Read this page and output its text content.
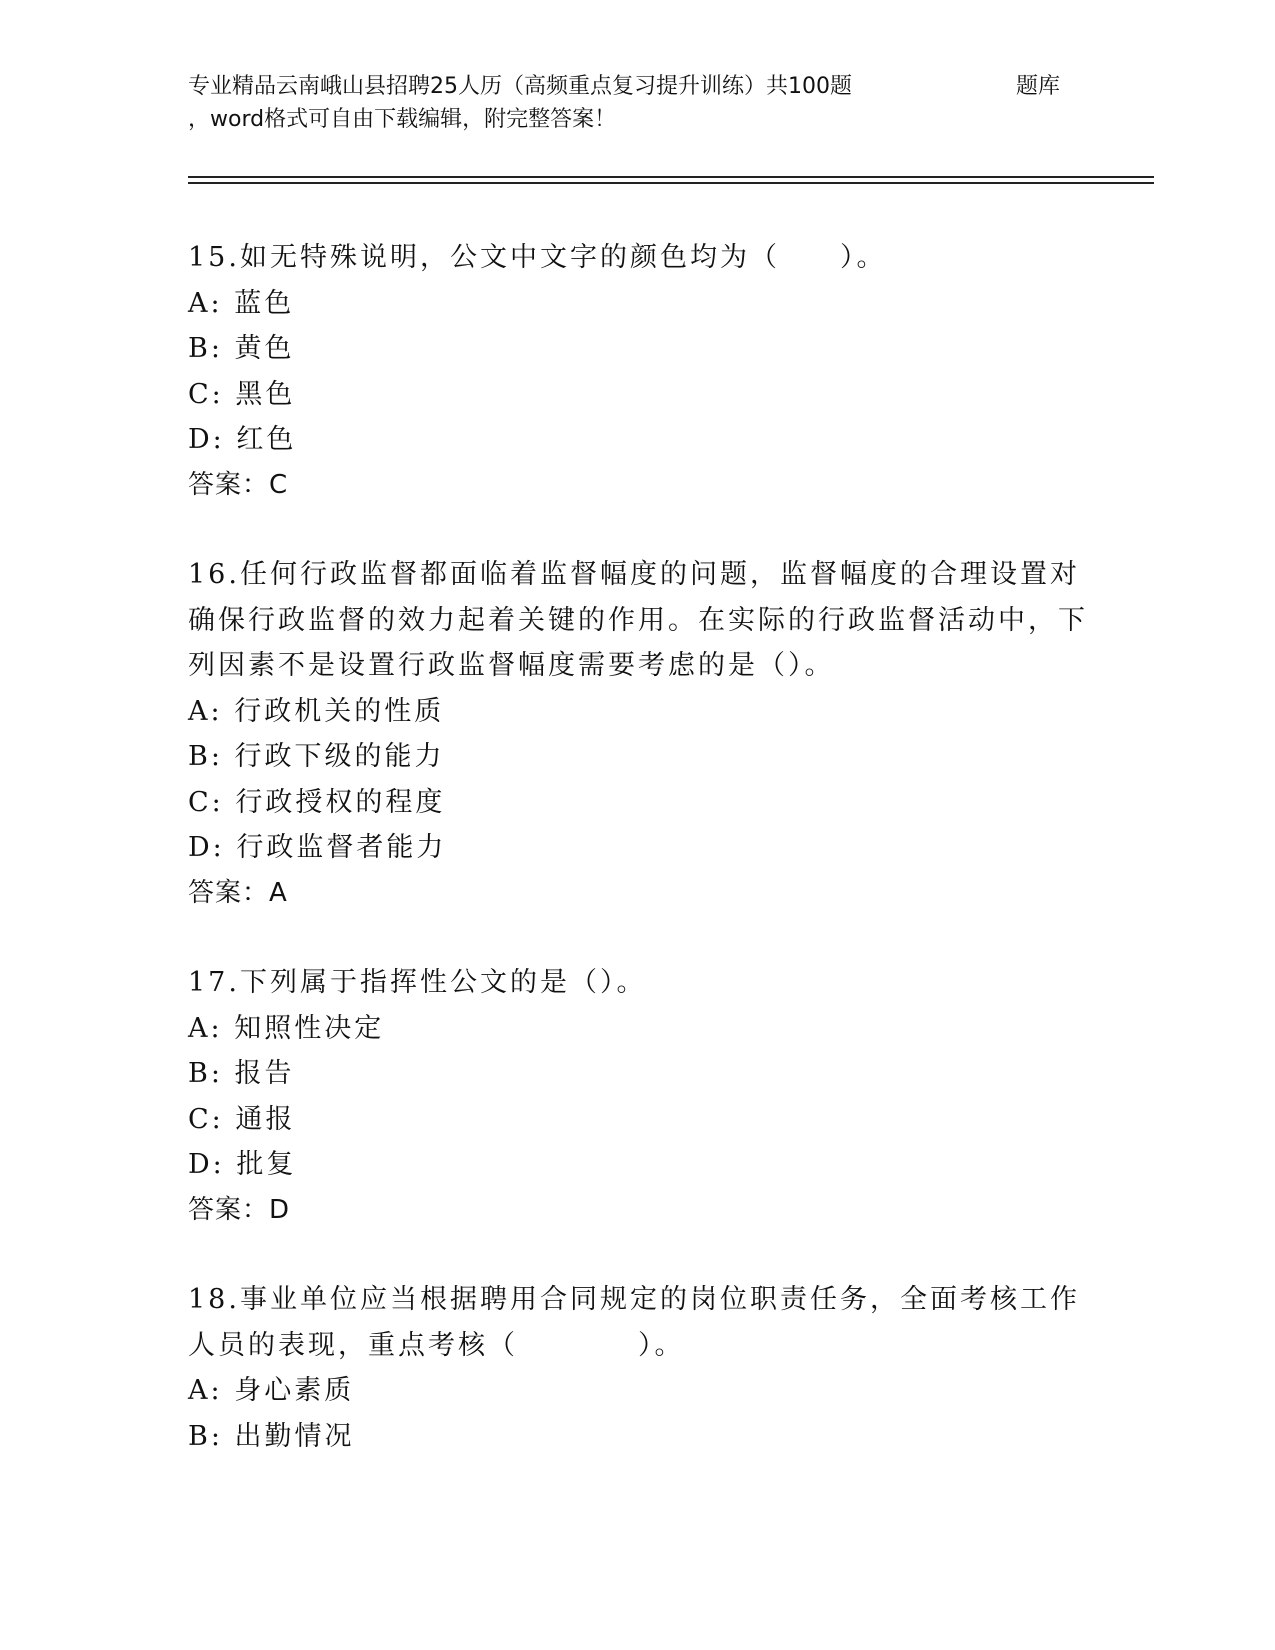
专业精品云南峨山县招聘25人历（高频重点复习提升训练）共100题	题库
，word格式可自由下载编辑，附完整答案！

15.如无特殊说明，公文中文字的颜色均为（　　）。

A: 蓝色

B: 黄色

C: 黑色

D: 红色

答案：C

16.任何行政监督都面临着监督幅度的问题，监督幅度的合理设置对确保行政监督的效力起着关键的作用。在实际的行政监督活动中，下列因素不是设置行政监督幅度需要考虑的是（）。

A: 行政机关的性质

B: 行政下级的能力

C: 行政授权的程度

D: 行政监督者能力

答案：A

17.下列属于指挥性公文的是（）。

A: 知照性决定

B: 报告

C: 通报

D: 批复

答案：D

18.事业单位应当根据聘用合同规定的岗位职责任务，全面考核工作人员的表现，重点考核（　　　　）。

A: 身心素质

B: 出勤情况
